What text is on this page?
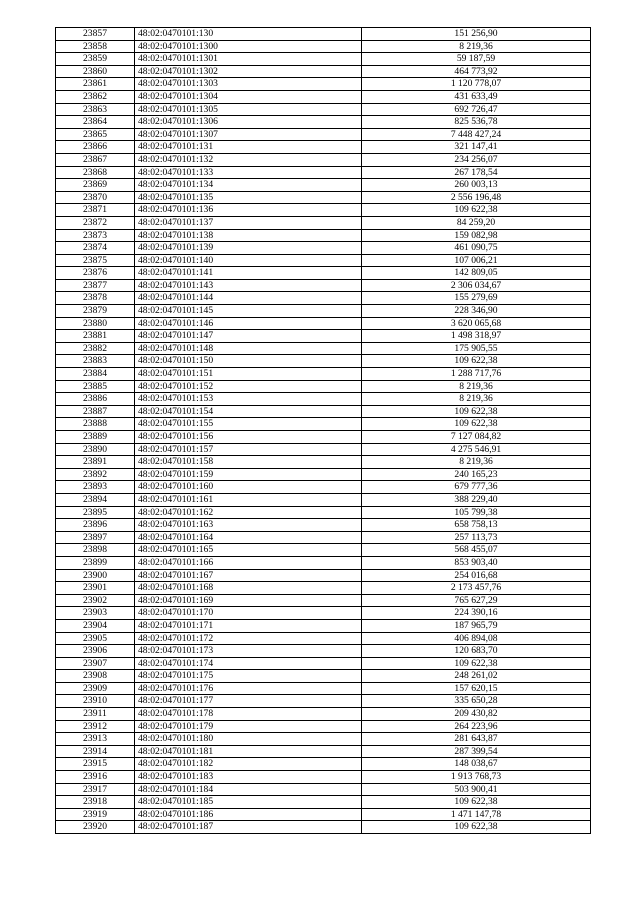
23857	48:02:0470101:130	151 256,90
23858	48:02:0470101:1300	8 219,36
23859	48:02:0470101:1301	59 187,59
23860	48:02:0470101:1302	464 773,92
23861	48:02:0470101:1303	1 120 778,07
23862	48:02:0470101:1304	431 633,49
23863	48:02:0470101:1305	692 726,47
23864	48:02:0470101:1306	825 536,78
23865	48:02:0470101:1307	7 448 427,24
23866	48:02:0470101:131	321 147,41
23867	48:02:0470101:132	234 256,07
23868	48:02:0470101:133	267 178,54
23869	48:02:0470101:134	260 003,13
23870	48:02:0470101:135	2 556 196,48
23871	48:02:0470101:136	109 622,38
23872	48:02:0470101:137	84 259,20
23873	48:02:0470101:138	159 082,98
23874	48:02:0470101:139	461 090,75
23875	48:02:0470101:140	107 006,21
23876	48:02:0470101:141	142 809,05
23877	48:02:0470101:143	2 306 034,67
23878	48:02:0470101:144	155 279,69
23879	48:02:0470101:145	228 346,90
23880	48:02:0470101:146	3 620 065,68
23881	48:02:0470101:147	1 498 318,97
23882	48:02:0470101:148	175 905,55
23883	48:02:0470101:150	109 622,38
23884	48:02:0470101:151	1 288 717,76
23885	48:02:0470101:152	8 219,36
23886	48:02:0470101:153	8 219,36
23887	48:02:0470101:154	109 622,38
23888	48:02:0470101:155	109 622,38
23889	48:02:0470101:156	7 127 084,82
23890	48:02:0470101:157	4 275 546,91
23891	48:02:0470101:158	8 219,36
23892	48:02:0470101:159	240 165,23
23893	48:02:0470101:160	679 777,36
23894	48:02:0470101:161	388 229,40
23895	48:02:0470101:162	105 799,38
23896	48:02:0470101:163	658 758,13
23897	48:02:0470101:164	257 113,73
23898	48:02:0470101:165	568 455,07
23899	48:02:0470101:166	853 903,40
23900	48:02:0470101:167	254 016,68
23901	48:02:0470101:168	2 173 457,76
23902	48:02:0470101:169	765 627,29
23903	48:02:0470101:170	224 390,16
23904	48:02:0470101:171	187 965,79
23905	48:02:0470101:172	406 894,08
23906	48:02:0470101:173	120 683,70
23907	48:02:0470101:174	109 622,38
23908	48:02:0470101:175	248 261,02
23909	48:02:0470101:176	157 620,15
23910	48:02:0470101:177	335 650,28
23911	48:02:0470101:178	209 430,82
23912	48:02:0470101:179	264 223,96
23913	48:02:0470101:180	281 643,87
23914	48:02:0470101:181	287 399,54
23915	48:02:0470101:182	148 038,67
23916	48:02:0470101:183	1 913 768,73
23917	48:02:0470101:184	503 900,41
23918	48:02:0470101:185	109 622,38
23919	48:02:0470101:186	1 471 147,78
23920	48:02:0470101:187	109 622,38
